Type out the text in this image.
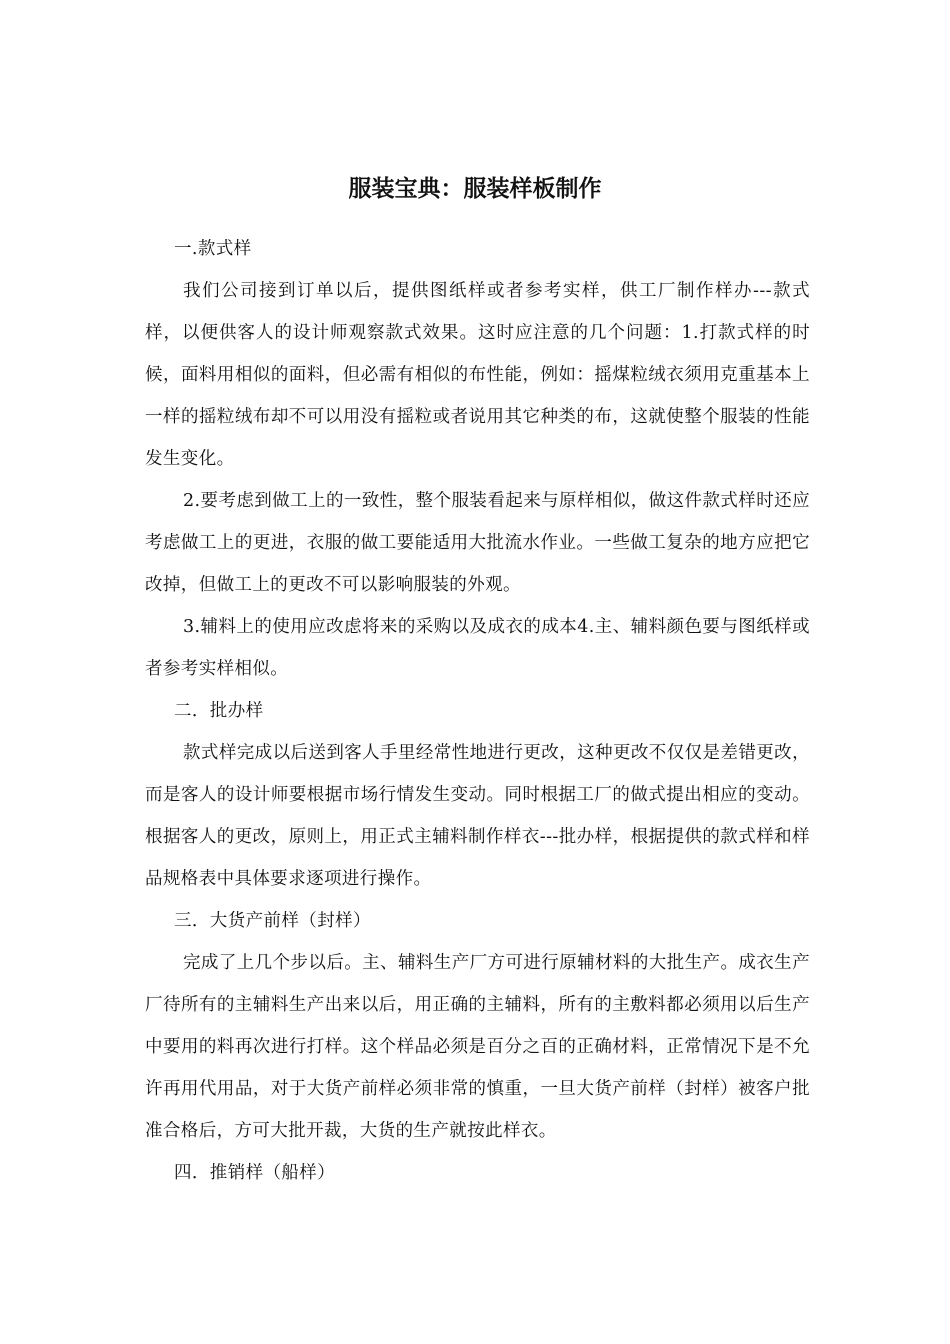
服装宝典：服装样板制作

一.款式样

我们公司接到订单以后，提供图纸样或者参考实样，供工厂制作样办---款式样，以便供客人的设计师观察款式效果。这时应注意的几个问题：1.打款式样的时候，面料用相似的面料，但必需有相似的布性能，例如：摇煤粒绒衣须用克重基本上一样的摇粒绒布却不可以用没有摇粒或者说用其它种类的布，这就使整个服装的性能发生变化。

2.要考虑到做工上的一致性，整个服装看起来与原样相似，做这件款式样时还应考虑做工上的更进，衣服的做工要能适用大批流水作业。一些做工复杂的地方应把它改掉，但做工上的更改不可以影响服装的外观。

3.辅料上的使用应改虑将来的采购以及成衣的成本4.主、辅料颜色要与图纸样或者参考实样相似。

二．批办样

款式样完成以后送到客人手里经常性地进行更改，这种更改不仅仅是差错更改，而是客人的设计师要根据市场行情发生变动。同时根据工厂的做式提出相应的变动。根据客人的更改，原则上，用正式主辅料制作样衣---批办样，根据提供的款式样和样品规格表中具体要求逐项进行操作。

三．大货产前样（封样）

完成了上几个步以后。主、辅料生产厂方可进行原辅材料的大批生产。成衣生产厂待所有的主辅料生产出来以后，用正确的主辅料，所有的主敷料都必须用以后生产中要用的料再次进行打样。这个样品必须是百分之百的正确材料，正常情况下是不允许再用代用品，对于大货产前样必须非常的慎重，一旦大货产前样（封样）被客户批准合格后，方可大批开裁，大货的生产就按此样衣。

四．推销样（船样）
